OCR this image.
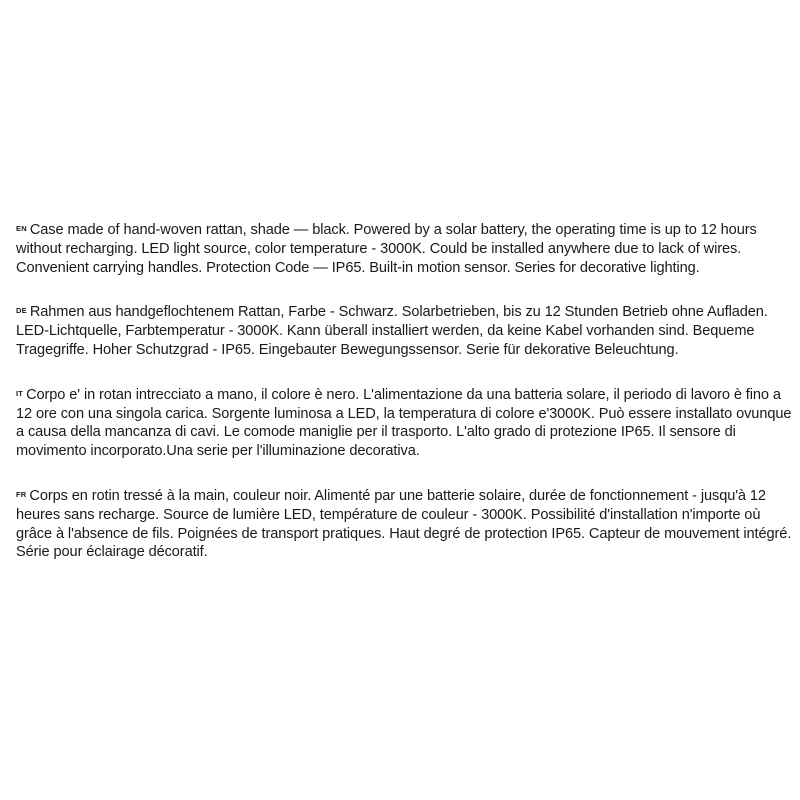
$^{EN}$ Case made of hand-woven rattan, shade — black. Powered by a solar battery, the operating time is up to 12 hours without recharging. LED light source, color temperature - 3000K. Could be installed anywhere due to lack of wires. Convenient carrying handles. Protection Code — IP65. Built-in motion sensor. Series for decorative lighting.

$^{DE}$ Rahmen aus handgeflochtenem Rattan, Farbe - Schwarz. Solarbetrieben, bis zu 12 Stunden Betrieb ohne Aufladen. LED-Lichtquelle, Farbtemperatur - 3000K. Kann überall installiert werden, da keine Kabel vorhanden sind. Bequeme Tragegriffe. Hoher Schutzgrad - IP65. Eingebauter Bewegungssensor. Serie für dekorative Beleuchtung.

$^{IT}$ Corpo e' in rotan intrecciato a mano, il colore è nero. L'alimentazione da una batteria solare, il periodo di lavoro è fino a 12 ore con una singola carica. Sorgente luminosa a LED, la temperatura di colore e'3000K. Può essere installato ovunque a causa della mancanza di cavi. Le comode maniglie per il trasporto. L'alto grado di protezione IP65. Il sensore di movimento incorporato.Una serie per l'illuminazione decorativa.

$^{FR}$ Corps en rotin tressé à la main, couleur noir. Alimenté par une batterie solaire, durée de fonctionnement - jusqu'à 12 heures sans recharge. Source de lumière LED, température de couleur - 3000K. Possibilité d'installation n'importe où grâce à l'absence de fils. Poignées de transport pratiques. Haut degré de protection IP65. Capteur de mouvement intégré. Série pour éclairage décoratif.
